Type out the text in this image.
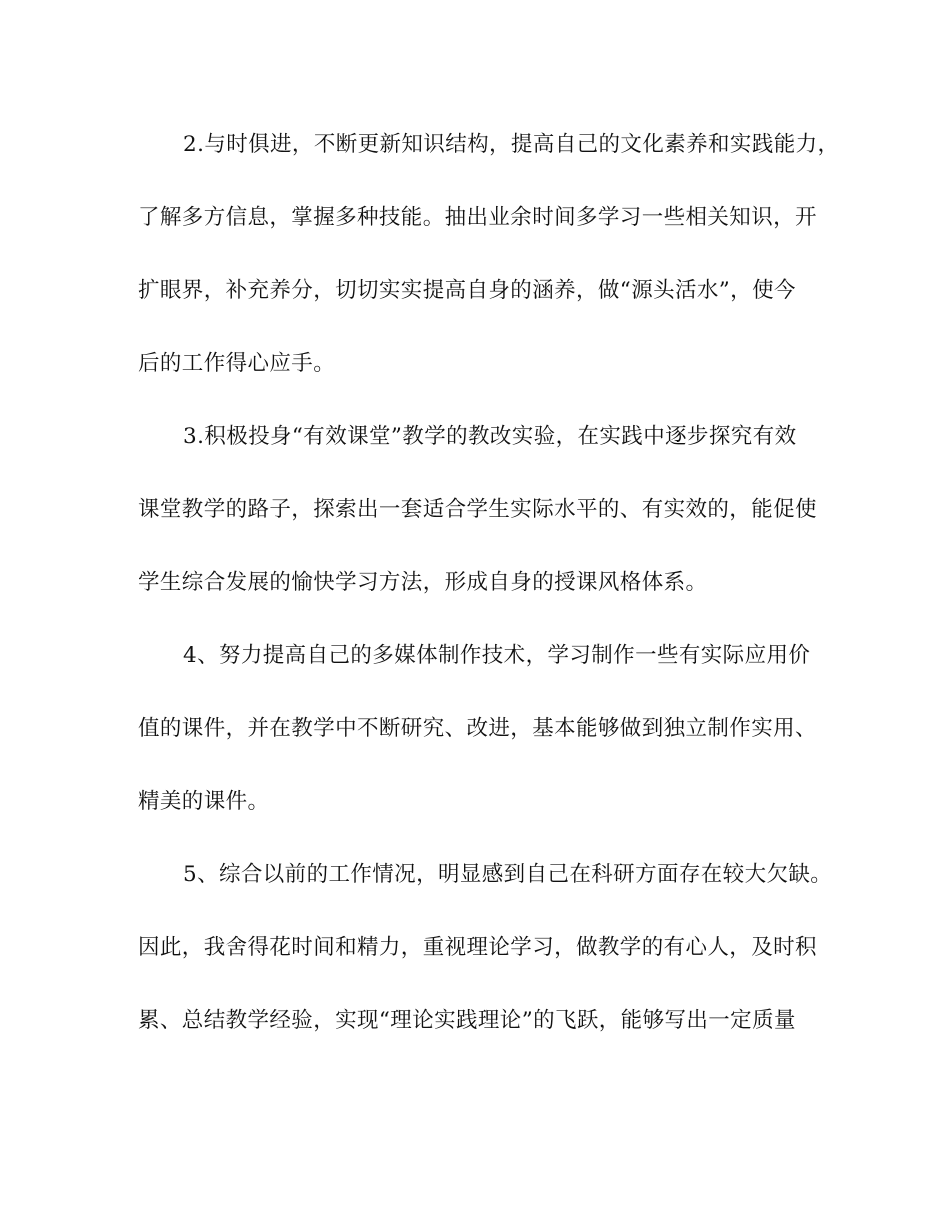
2.与时俱进，不断更新知识结构，提高自己的文化素养和实践能力，
了解多方信息，掌握多种技能。抽出业余时间多学习一些相关知识，开
扩眼界，补充养分，切切实实提高自身的涵养，做“源头活水”，使今
后的工作得心应手。
3.积极投身“有效课堂”教学的教改实验，在实践中逐步探究有效
课堂教学的路子，探索出一套适合学生实际水平的、有实效的，能促使
学生综合发展的愉快学习方法，形成自身的授课风格体系。
4、努力提高自己的多媒体制作技术，学习制作一些有实际应用价
值的课件，并在教学中不断研究、改进，基本能够做到独立制作实用、
精美的课件。
5、综合以前的工作情况，明显感到自己在科研方面存在较大欠缺。
因此，我舍得花时间和精力，重视理论学习，做教学的有心人，及时积
累、总结教学经验，实现“理论实践理论”的飞跃，能够写出一定质量
